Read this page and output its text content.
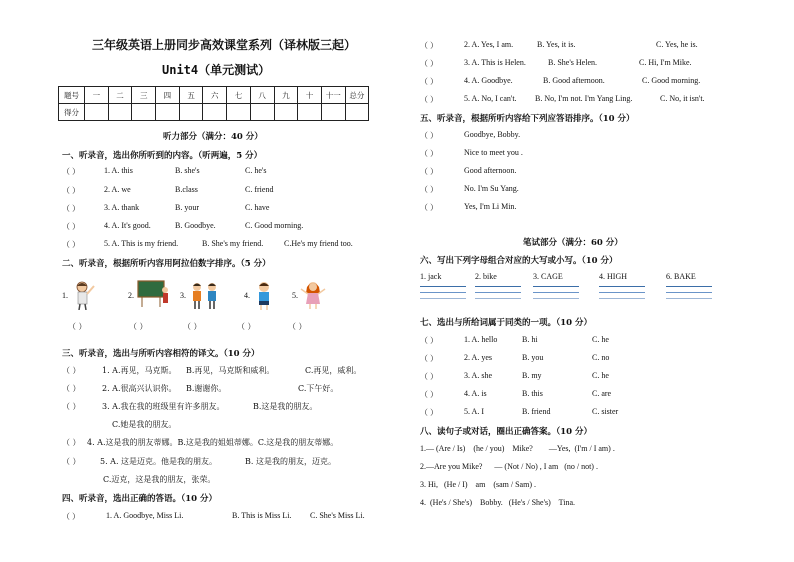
三年级英语上册同步高效课堂系列（译林版三起）
Unit4（单元测试）
题号	一	二	三	四	五	六	七	八	九	十	十一	总分
得分												
听力部分（满分：40 分）
一、听录音，选出你所听到的内容。（听两遍，5 分）
（ ）	1. A. this	B. she's	C. he's
（ ）	2. A. we	B.class	C. friend
（ ）	3. A. thank	B. your	C. have
（ ）	4. A. It's good.	B. Goodbye.	C. Good morning.
（ ）	5. A. This is my friend.	B. She's my friend.	C.He's my friend too.
二、听录音，根据所听内容用阿拉伯数字排序。（5 分）
1.	2.	3.	4.	5.
（ ）	（ ）	（ ）	（ ）	（ ）
三、听录音，选出与所听内容相符的译文。（10 分）
（ ）	1. A.再见，马克斯。 B.再见，马克斯和威利。	C.再见，威利。
（ ）	2. A.很高兴认识你。 B.谢谢你。	C.下午好。
（ ）	3. A.我在我的班级里有许多朋友。	B.这是我的朋友。
C.她是我的朋友。
（ ） 4. A.这是我的朋友蒂娜。B.这是我的姐姐蒂娜。C.这是我的朋友蒂娜。
（ ） 5. A. 这是迈克。他是我的朋友。	B. 这是我的朋友，迈克。
C.迈克，这是我的朋友，张荣。
四、听录音，选出正确的答语。（10 分）
（ ）	1. A. Goodbye, Miss Li.	B. This is Miss Li. C. She's Miss Li.
（ ）	2. A. Yes, I am.	B. Yes, it is.	C. Yes, he is.
（ ）	3. A. This is Helen.	B. She's Helen.	C. Hi, I'm Mike.
（ ）	4. A. Goodbye.	B. Good afternoon.	C. Good morning.
（ ）	5. A. No, I can't. B. No, I'm not. I'm Yang Ling.	C. No, it isn't.
五、听录音，根据所听内容给下列应答语排序。（10 分）
（ ）	Goodbye, Bobby.
（ ）	Nice to meet you .
（ ）	Good afternoon.
（ ）	No. I'm Su Yang.
（ ）	Yes, I'm Li Min.
笔试部分（满分：60 分）
六、写出下列字母组合对应的大写或小写。（10 分）
1. jack	2. bike	3. CAGE	4. HIGH	6. BAKE
七、选出与所给词属于同类的一项。（10 分）
（ ）	1. A. hello	B. hi	C. he
（ ）	2. A. yes	B. you	C. no
（ ）	3. A. she	B. my	C. he
（ ）	4. A. is	B. this	C. are
（ ）	5. A. I	B. friend	C. sister
八、读句子或对话，圈出正确答案。（10 分）
1.— (Are / Is)    (he / you)    Mike?        —Yes,  (I'm / I am) .
2.—Are you Mike?      — (Not / No) , I am   (no / not) .
3. Hi,   (He / I)    am    (sam / Sam) .
4.  (He's / She's)    Bobby.   (He's / She's)    Tina.
